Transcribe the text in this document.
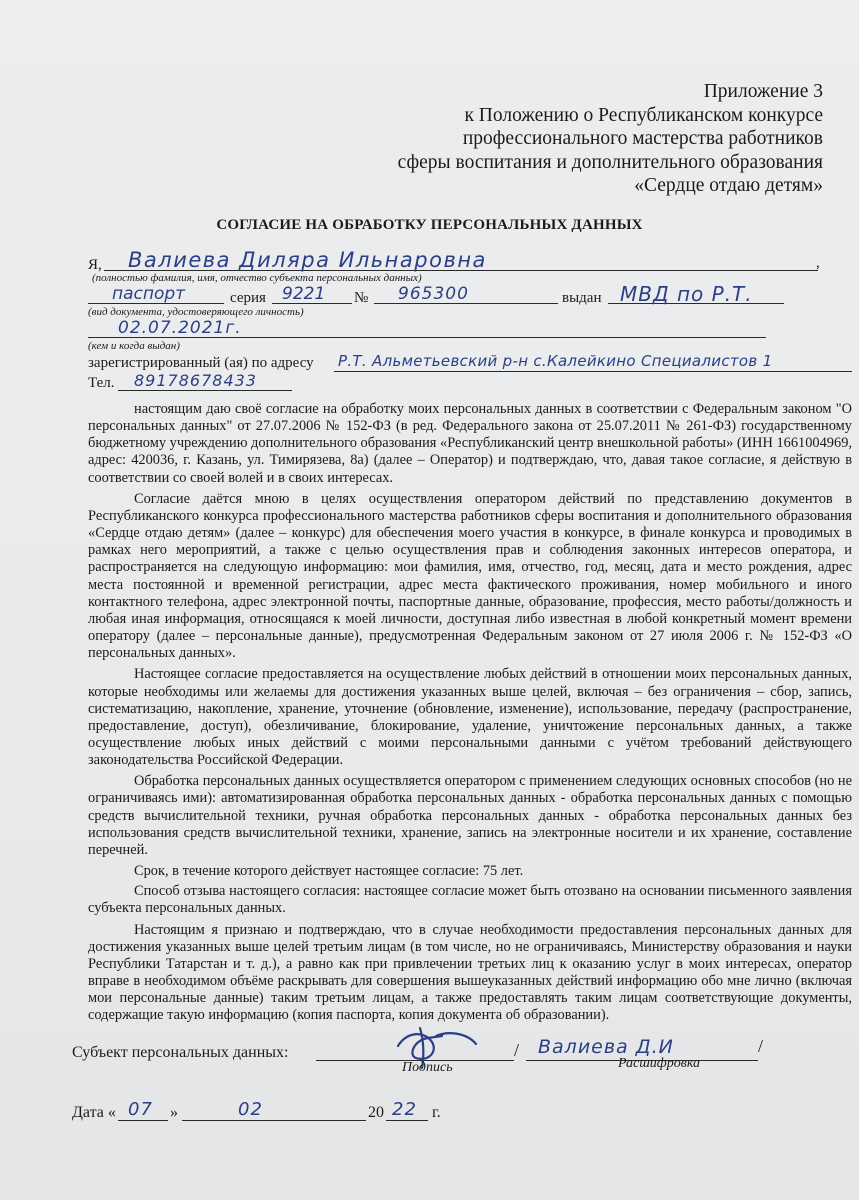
Приложение 3
к Положению о Республиканском конкурсе
профессионального мастерства работников
сферы воспитания и дополнительного образования
«Сердце отдаю детям»
СОГЛАСИЕ НА ОБРАБОТКУ ПЕРСОНАЛЬНЫХ ДАННЫХ
Я,	,
Валиева Диляра Ильнаровна
(полностью фамилия, имя, отчество субъекта персональных данных)
паспорт	серия 9221 № 965300	выдан МВД по Р.Т.
(вид документа, удостоверяющего личность)
02.07.2021г.
(кем и когда выдан)
зарегистрированный (ая) по адресу Р.Т. Альметьевский р-н с.Калейкино Специалистов 1
Тел. 89178678433

настоящим даю своё согласие на обработку моих персональных данных в соответствии с Федеральным законом "О персональных данных" от 27.07.2006 № 152-ФЗ (в ред. Федерального закона от 25.07.2011 № 261-ФЗ) государственному бюджетному учреждению дополнительного образования «Республиканский центр внешкольной работы» (ИНН 1661004969, адрес: 420036, г. Казань, ул. Тимирязева, 8а) (далее – Оператор) и подтверждаю, что, давая такое согласие, я действую в соответствии со своей волей и в своих интересах.

Согласие даётся мною в целях осуществления оператором действий по представлению документов в Республиканского конкурса профессионального мастерства работников сферы воспитания и дополнительного образования «Сердце отдаю детям» (далее – конкурс) для обеспечения моего участия в конкурсе, в финале конкурса и проводимых в рамках него мероприятий, а также с целью осуществления прав и соблюдения законных интересов оператора, и распространяется на следующую информацию: мои фамилия, имя, отчество, год, месяц, дата и место рождения, адрес места постоянной и временной регистрации, адрес места фактического проживания, номер мобильного и иного контактного телефона, адрес электронной почты, паспортные данные, образование, профессия, место работы/должность и любая иная информация, относящаяся к моей личности, доступная либо известная в любой конкретный момент времени оператору (далее – персональные данные), предусмотренная Федеральным законом от 27 июля 2006 г. № 152-ФЗ «О персональных данных».

Настоящее согласие предоставляется на осуществление любых действий в отношении моих персональных данных, которые необходимы или желаемы для достижения указанных выше целей, включая – без ограничения – сбор, запись, систематизацию, накопление, хранение, уточнение (обновление, изменение), использование, передачу (распространение, предоставление, доступ), обезличивание, блокирование, удаление, уничтожение персональных данных, а также осуществление любых иных действий с моими персональными данными с учётом требований действующего законодательства Российской Федерации.

Обработка персональных данных осуществляется оператором с применением следующих основных способов (но не ограничиваясь ими): автоматизированная обработка персональных данных - обработка персональных данных с помощью средств вычислительной техники, ручная обработка персональных данных - обработка персональных данных без использования средств вычислительной техники, хранение, запись на электронные носители и их хранение, составление перечней.

Срок, в течение которого действует настоящее согласие: 75 лет.

Способ отзыва настоящего согласия: настоящее согласие может быть отозвано на основании письменного заявления субъекта персональных данных.

Настоящим я признаю и подтверждаю, что в случае необходимости предоставления персональных данных для достижения указанных выше целей третьим лицам (в том числе, но не ограничиваясь, Министерству образования и науки Республики Татарстан и т. д.), а равно как при привлечении третьих лиц к оказанию услуг в моих интересах, оператор вправе в необходимом объёме раскрывать для совершения вышеуказанных действий информацию обо мне лично (включая мои персональные данные) таким третьим лицам, а также предоставлять таким лицам соответствующие документы, содержащие такую информацию (копия паспорта, копия документа об образовании).

Субъект персональных данных:	/	/
Валиева Д.И
Подпись	Расшифровка
Дата « 07 »	02	20 22 г.
